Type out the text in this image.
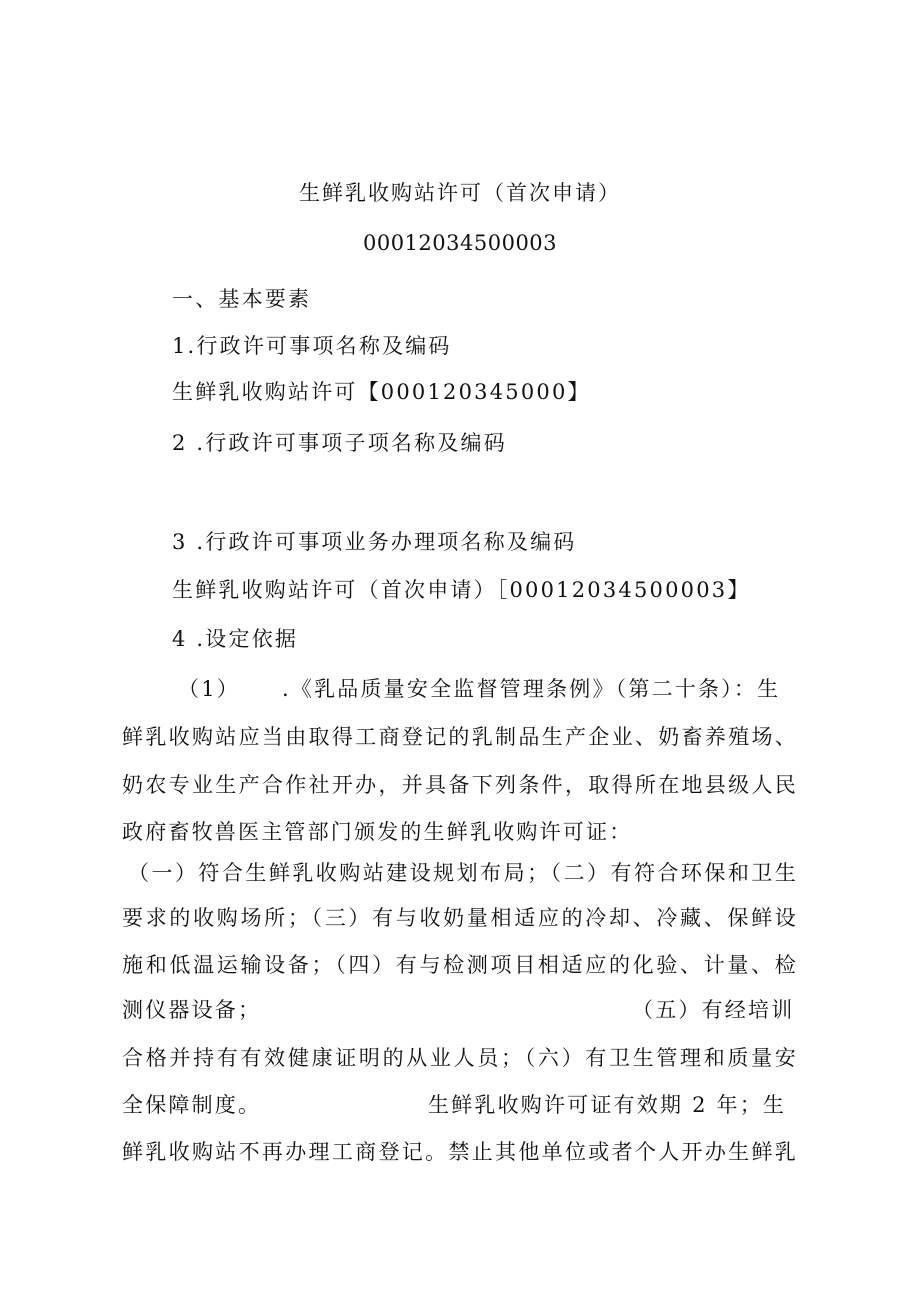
生鲜乳收购站许可（首次申请）
00012034500003
一、基本要素
1.行政许可事项名称及编码
生鲜乳收购站许可【000120345000】
2 .行政许可事项子项名称及编码
3 .行政许可事项业务办理项名称及编码
生鲜乳收购站许可（首次申请）［00012034500003】
4 .设定依据
（1） .《乳品质量安全监督管理条例》（第二十条）：生
鲜乳收购站应当由取得工商登记的乳制品生产企业、奶畜养殖场、
奶农专业生产合作社开办，并具备下列条件，取得所在地县级人民
政府畜牧兽医主管部门颁发的生鲜乳收购许可证：
（一）符合生鲜乳收购站建设规划布局；（二）有符合环保和卫生
要求的收购场所；（三）有与收奶量相适应的冷却、冷藏、保鲜设
施和低温运输设备；（四）有与检测项目相适应的化验、计量、检
测仪器设备；	（五）有经培训
合格并持有有效健康证明的从业人员；（六）有卫生管理和质量安
全保障制度。	生鲜乳收购许可证有效期 2 年；生
鲜乳收购站不再办理工商登记。禁止其他单位或者个人开办生鲜乳
